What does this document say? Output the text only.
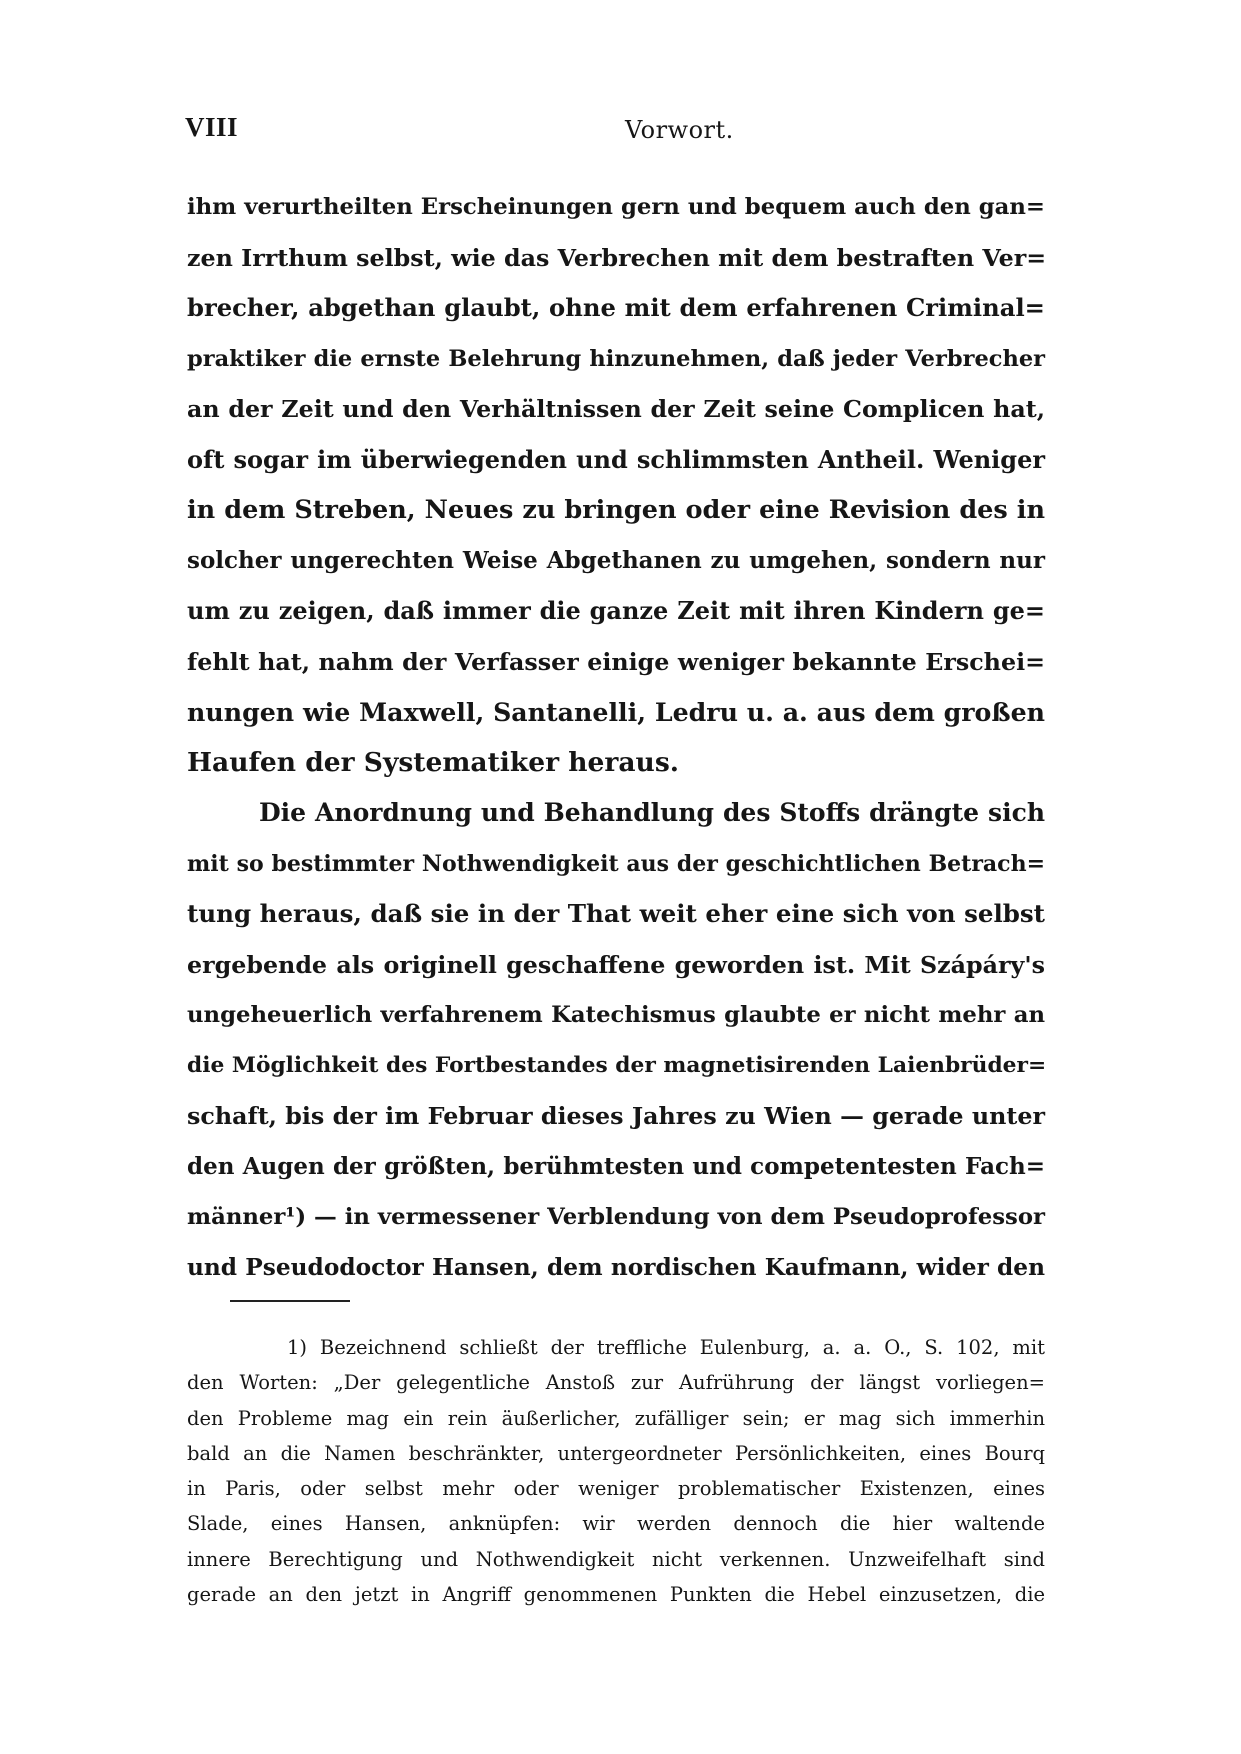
VIII	Vorwort.
ihm verurtheilten Erscheinungen gern und bequem auch den gan=
zen Irrthum selbst, wie das Verbrechen mit dem bestraften Ver=
brecher, abgethan glaubt, ohne mit dem erfahrenen Criminal=
praktiker die ernste Belehrung hinzunehmen, daß jeder Verbrecher
an der Zeit und den Verhältnissen der Zeit seine Complicen hat,
oft sogar im überwiegenden und schlimmsten Antheil. Weniger
in dem Streben, Neues zu bringen oder eine Revision des in
solcher ungerechten Weise Abgethanen zu umgehen, sondern nur
um zu zeigen, daß immer die ganze Zeit mit ihren Kindern ge=
fehlt hat, nahm der Verfasser einige weniger bekannte Erschei=
nungen wie Maxwell, Santanelli, Ledru u. a. aus dem großen
Haufen der Systematiker heraus.
Die Anordnung und Behandlung des Stoffs drängte sich
mit so bestimmter Nothwendigkeit aus der geschichtlichen Betrach=
tung heraus, daß sie in der That weit eher eine sich von selbst
ergebende als originell geschaffene geworden ist. Mit Szápáry's
ungeheuerlich verfahrenem Katechismus glaubte er nicht mehr an
die Möglichkeit des Fortbestandes der magnetisirenden Laienbrüder=
schaft, bis der im Februar dieses Jahres zu Wien — gerade unter
den Augen der größten, berühmtesten und competentesten Fach=
männer¹) — in vermessener Verblendung von dem Pseudoprofessor
und Pseudodoctor Hansen, dem nordischen Kaufmann, wider den
1) Bezeichnend schließt der treffliche Eulenburg, a. a. O., S. 102, mit
den Worten: „Der gelegentliche Anstoß zur Aufrührung der längst vorliegen=
den Probleme mag ein rein äußerlicher, zufälliger sein; er mag sich immerhin
bald an die Namen beschränkter, untergeordneter Persönlichkeiten, eines Bourq
in Paris, oder selbst mehr oder weniger problematischer Existenzen, eines
Slade, eines Hansen, anknüpfen: wir werden dennoch die hier waltende
innere Berechtigung und Nothwendigkeit nicht verkennen. Unzweifelhaft sind
gerade an den jetzt in Angriff genommenen Punkten die Hebel einzusetzen, die
